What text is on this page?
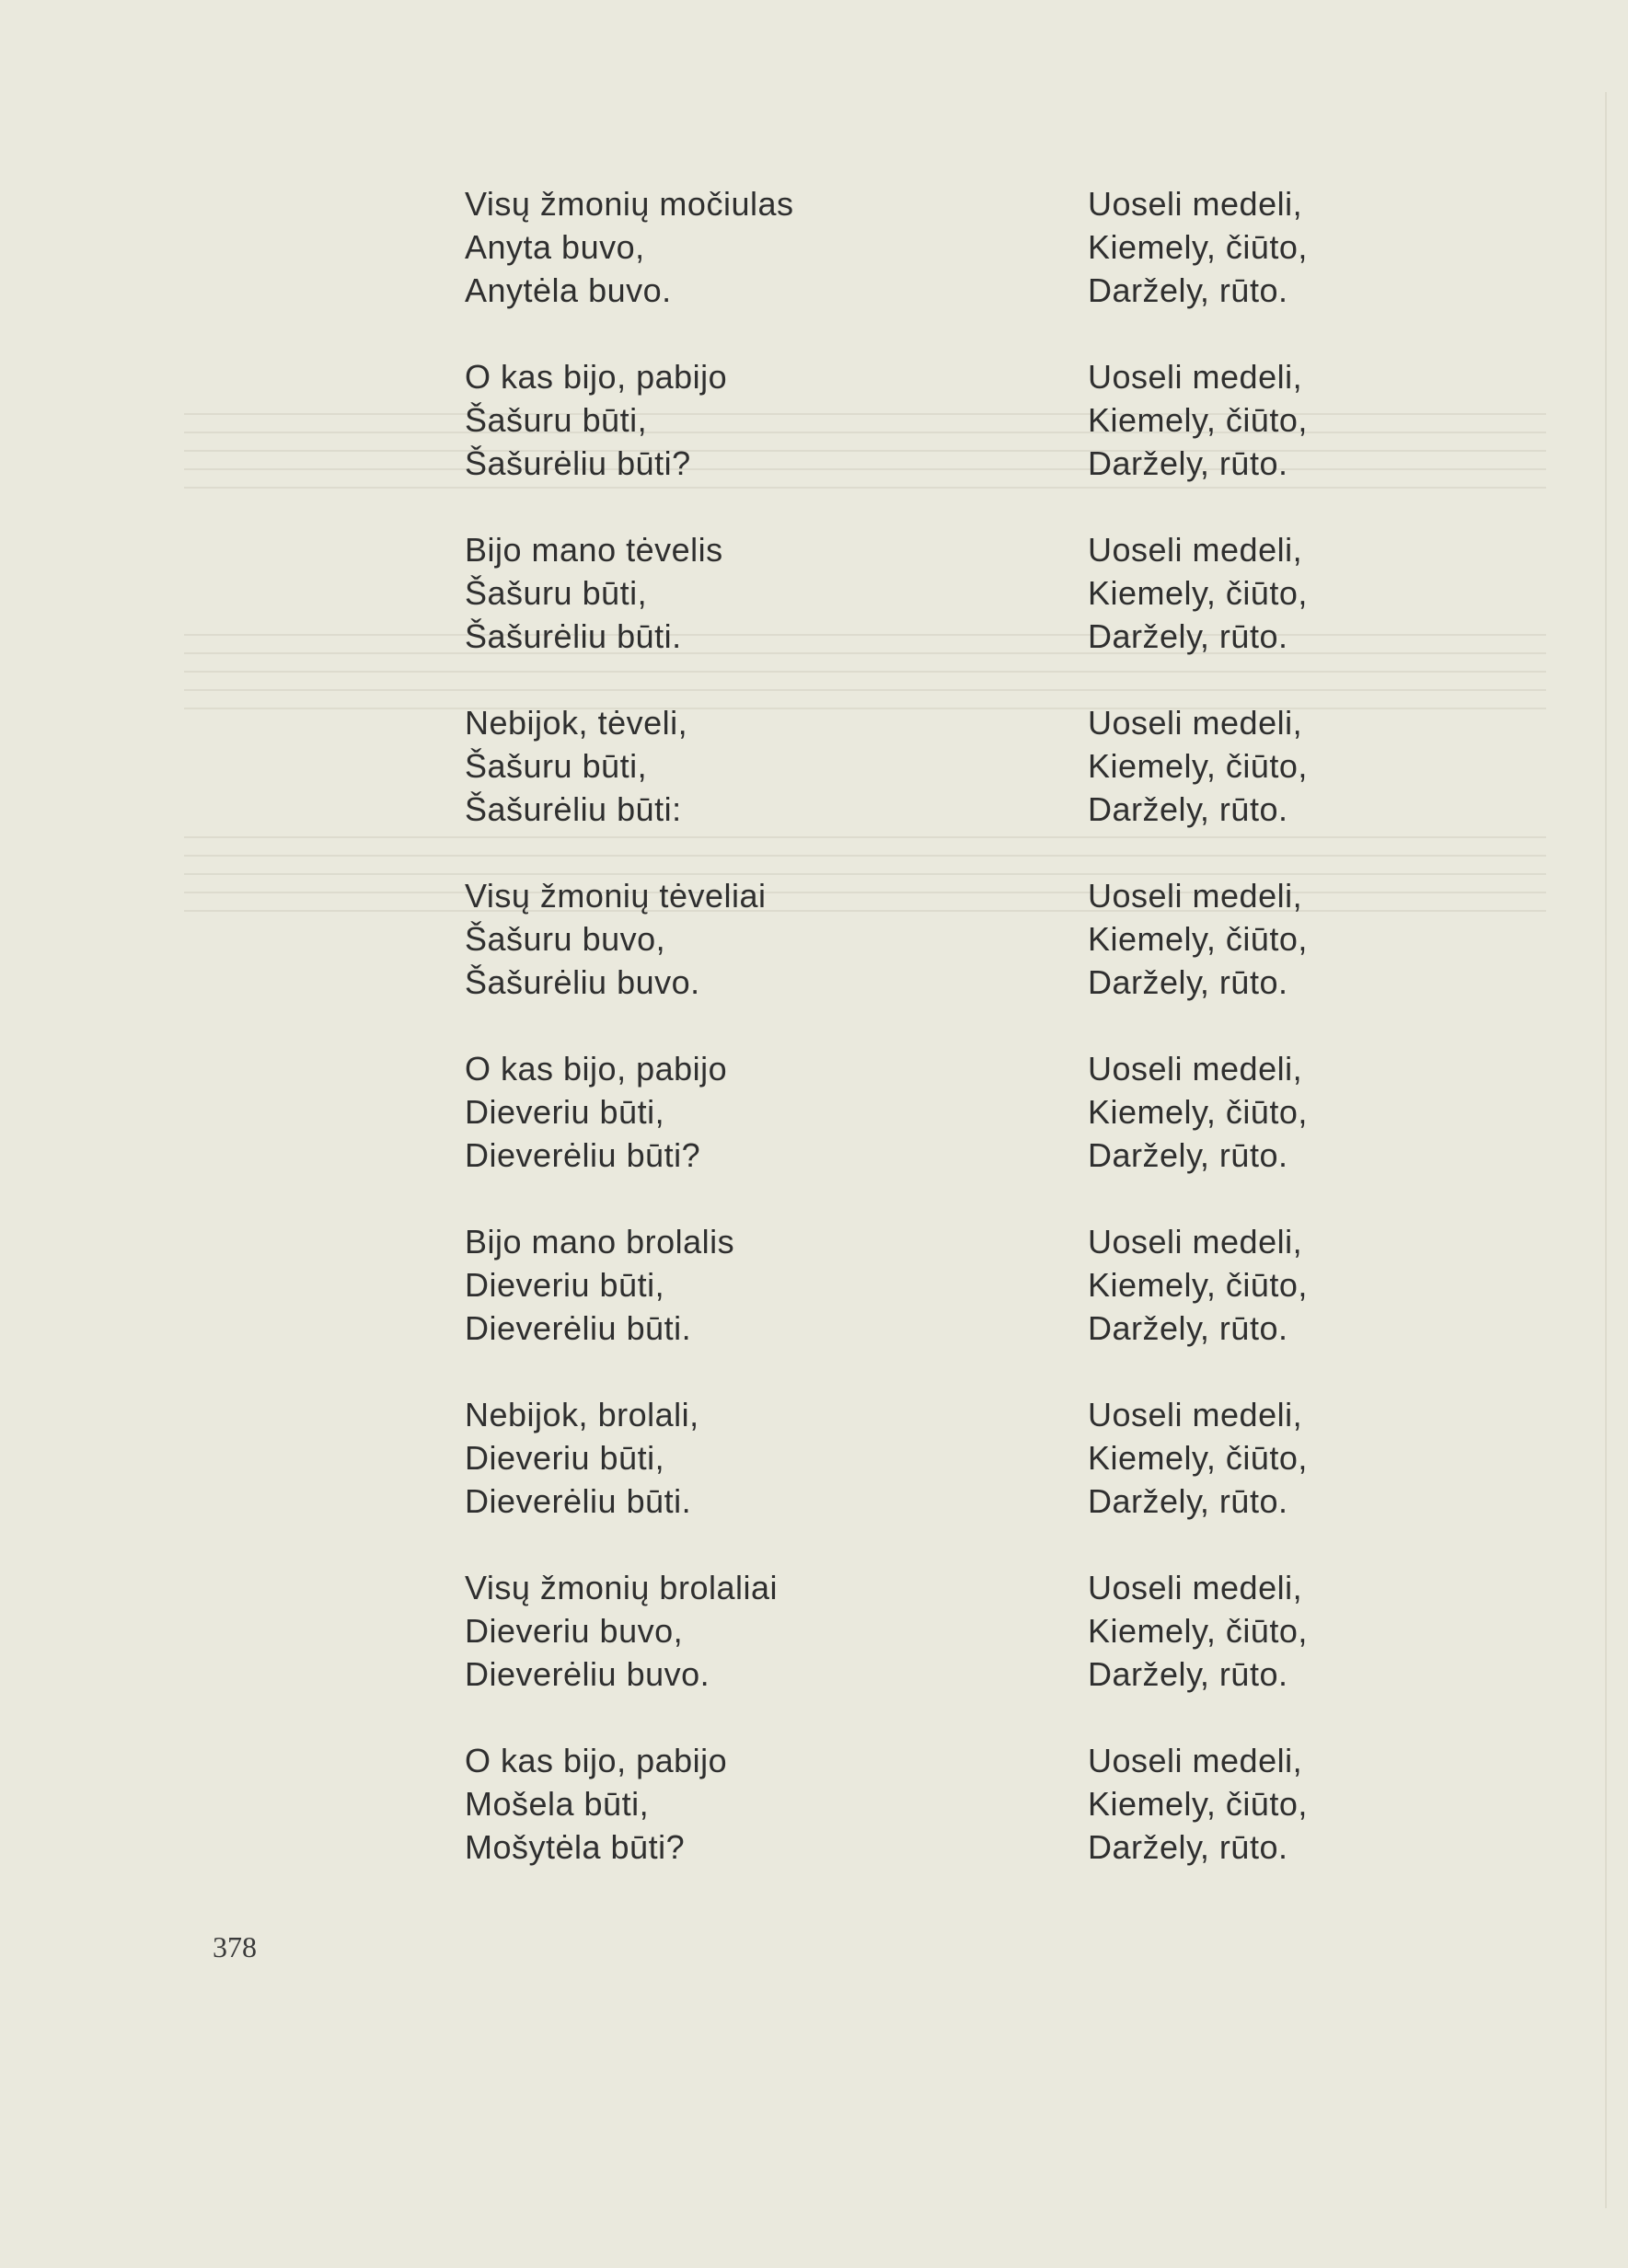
Visų žmonių močiulas
Anyta buvo,
Anytėla buvo.
Uoseli medeli,
Kiemely, čiūto,
Darželу, rūto.
O kas bijo, pabijo
Šašuru būti,
Šašurėliu būti?
Uoseli medeli,
Kiemely, čiūto,
Darželу, rūto.
Bijo mano tėvelis
Šašuru būti,
Šašurėliu būti.
Uoseli medeli,
Kiemely, čiūto,
Darželу, rūto.
Nebijok, tėveli,
Šašuru būti,
Šašurėliu būti:
Uoseli medeli,
Kiemely, čiūto,
Darželу, rūto.
Visų žmonių tėveliai
Šašuru buvo,
Šašurėliu buvo.
Uoseli medeli,
Kiemely, čiūto,
Darželу, rūto.
O kas bijo, pabijo
Dieveriu būti,
Dieverėliu būti?
Uoseli medeli,
Kiemely, čiūto,
Darželу, rūto.
Bijo mano brolalis
Dieveriu būti,
Dieverėliu būti.
Uoseli medeli,
Kiemely, čiūto,
Darželу, rūto.
Nebijok, brolali,
Dieveriu būti,
Dieverėliu būti.
Uoseli medeli,
Kiemely, čiūto,
Darželу, rūto.
Visų žmonių brolaliai
Dieveriu buvo,
Dieverėliu buvo.
Uoseli medeli,
Kiemely, čiūto,
Darželу, rūto.
O kas bijo, pabijo
Mošela būti,
Mošytėla būti?
Uoseli medeli,
Kiemely, čiūto,
Darželу, rūto.
378
